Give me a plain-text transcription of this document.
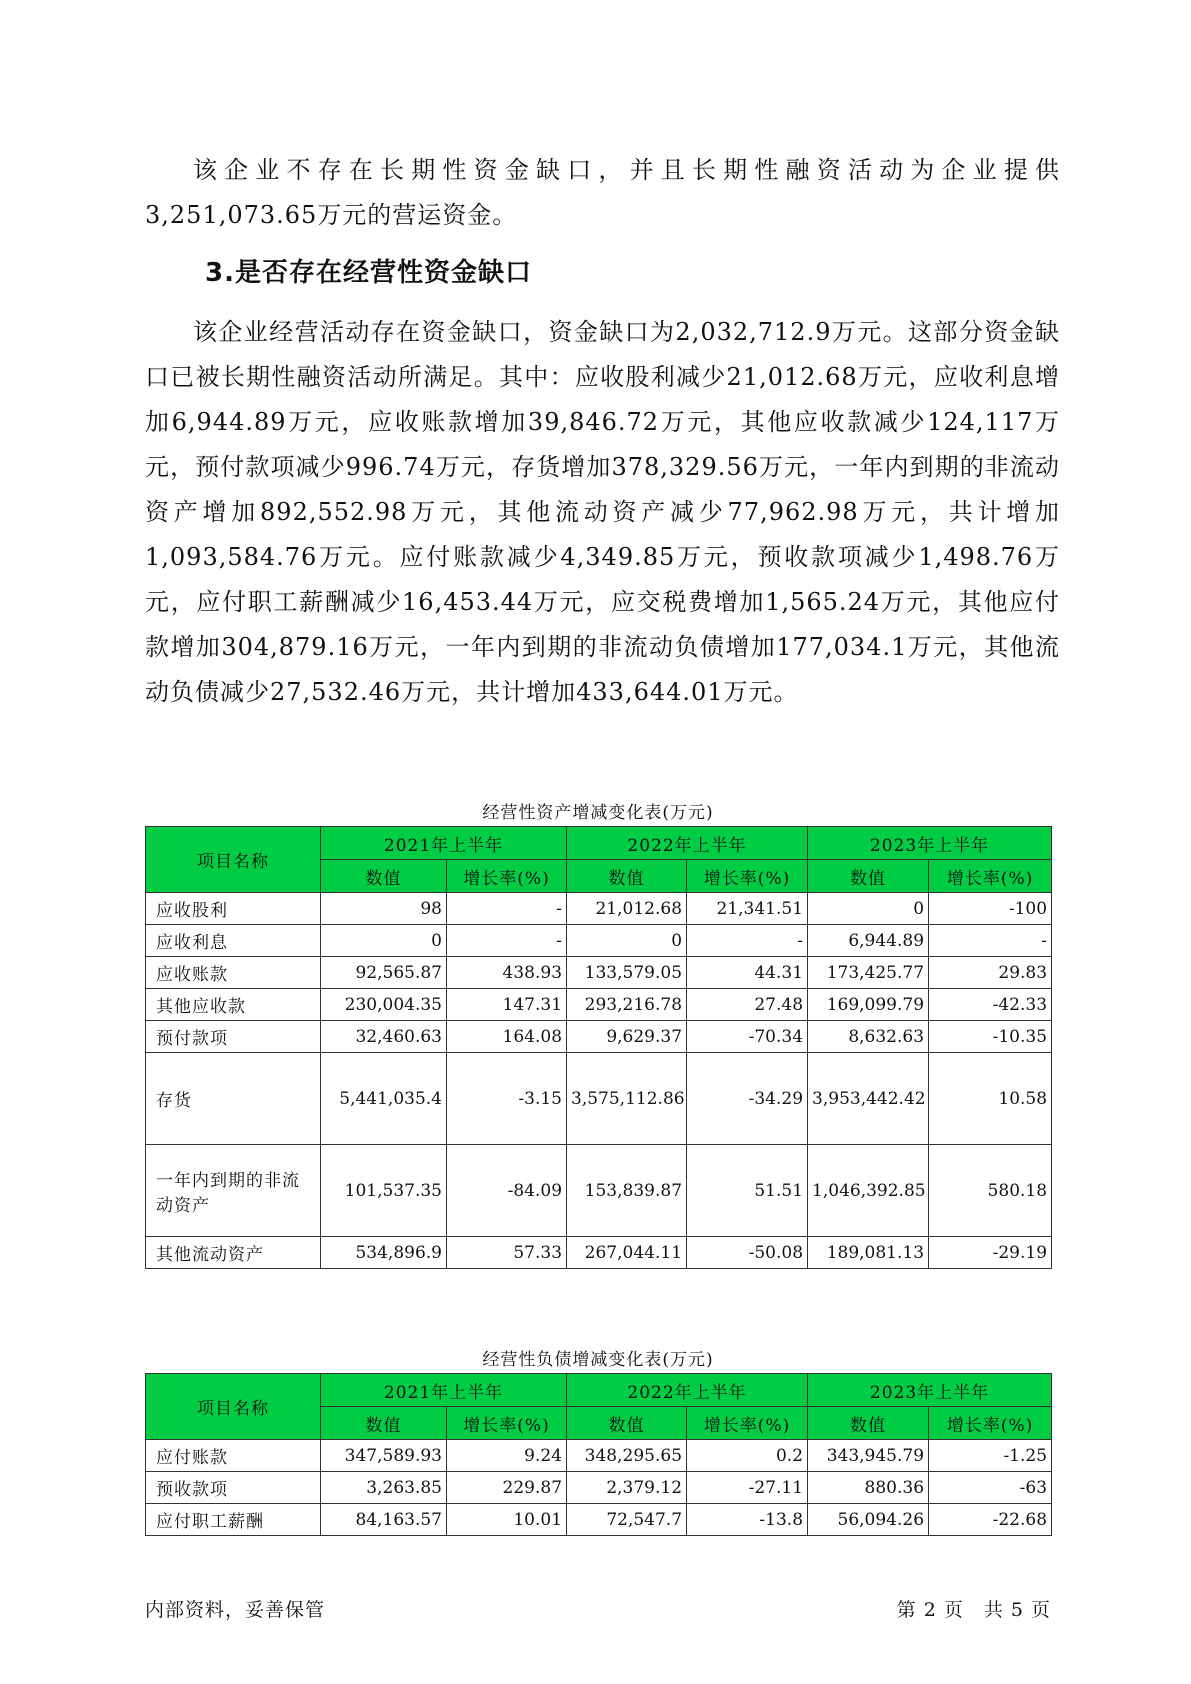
该企业不存在长期性资金缺口，并且长期性融资活动为企业提供3,251,073.65万元的营运资金。

3.是否存在经营性资金缺口

该企业经营活动存在资金缺口，资金缺口为2,032,712.9万元。这部分资金缺口已被长期性融资活动所满足。其中：应收股利减少21,012.68万元，应收利息增加6,944.89万元，应收账款增加39,846.72万元，其他应收款减少124,117万元，预付款项减少996.74万元，存货增加378,329.56万元，一年内到期的非流动资产增加892,552.98万元，其他流动资产减少77,962.98万元，共计增加1,093,584.76万元。应付账款减少4,349.85万元，预收款项减少1,498.76万元，应付职工薪酬减少16,453.44万元，应交税费增加1,565.24万元，其他应付款增加304,879.16万元，一年内到期的非流动负债增加177,034.1万元，其他流动负债减少27,532.46万元，共计增加433,644.01万元。

经营性资产增减变化表(万元)
项目名称	2021年上半年		2022年上半年		2023年上半年	
	数值	增长率(%)	数值	增长率(%)	数值	增长率(%)
应收股利	98	-	21,012.68	21,341.51	0	-100
应收利息	0	-	0	-	6,944.89	-
应收账款	92,565.87	438.93	133,579.05	44.31	173,425.77	29.83
其他应收款	230,004.35	147.31	293,216.78	27.48	169,099.79	-42.33
预付款项	32,460.63	164.08	9,629.37	-70.34	8,632.63	-10.35
存货	5,441,035.4	-3.15	3,575,112.86	-34.29	3,953,442.42	10.58
一年内到期的非流动资产	101,537.35	-84.09	153,839.87	51.51	1,046,392.85	580.18
其他流动资产	534,896.9	57.33	267,044.11	-50.08	189,081.13	-29.19
经营性负债增减变化表(万元)
项目名称	2021年上半年		2022年上半年		2023年上半年	
	数值	增长率(%)	数值	增长率(%)	数值	增长率(%)
应付账款	347,589.93	9.24	348,295.65	0.2	343,945.79	-1.25
预收款项	3,263.85	229.87	2,379.12	-27.11	880.36	-63
应付职工薪酬	84,163.57	10.01	72,547.7	-13.8	56,094.26	-22.68
内部资料，妥善保管	第 2 页　共 5 页
